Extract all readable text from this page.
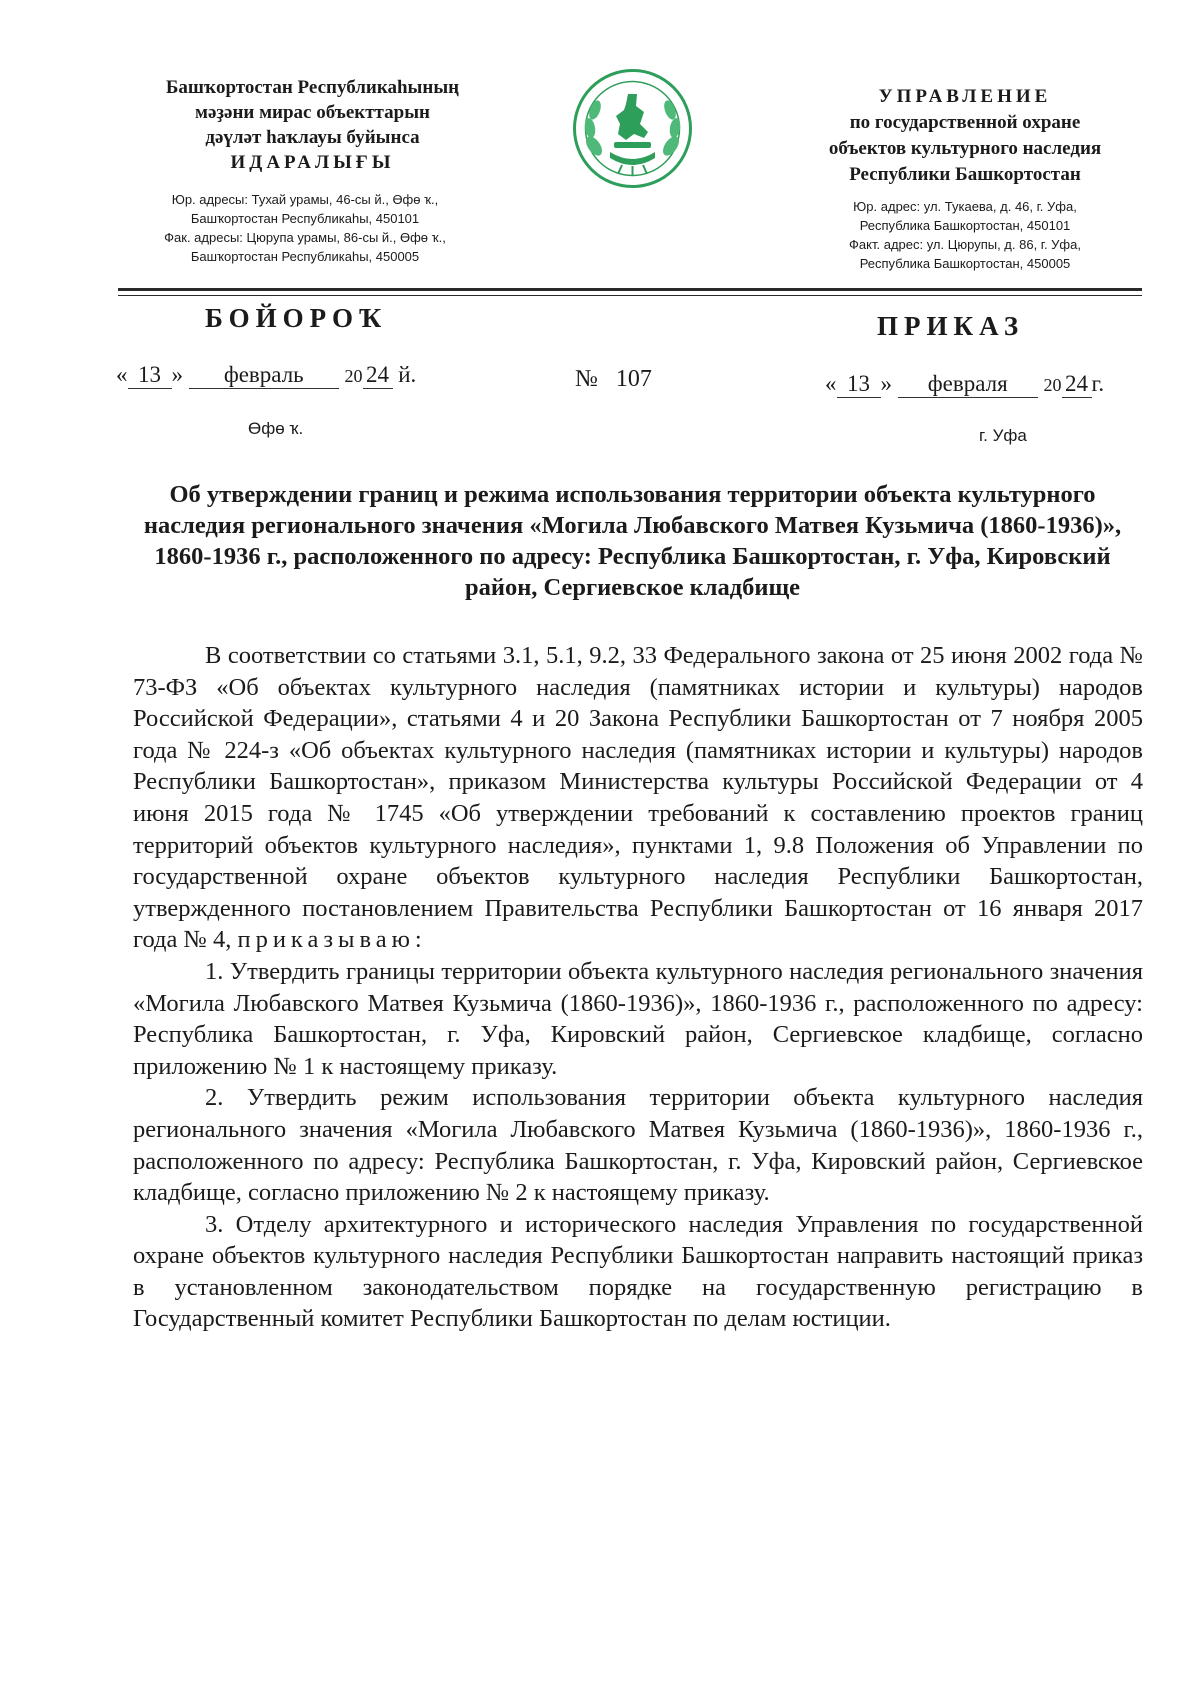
Башҡортостан Республикаһының
мәҙәни мирас объекттарын
дәүләт һаҡлауы буйынса
ИДАРАЛЫҒЫ
Юр. адресы: Тухай урамы, 46-сы й., Өфө ҡ.,
Башҡортостан Республикаһы, 450101
Фак. адресы: Цюрупа урамы, 86-сы й., Өфө ҡ.,
Башҡортостан Республикаһы, 450005
УПРАВЛЕНИЕ
по государственной охране
объектов культурного наследия
Республики Башкортостан
Юр. адрес: ул. Тукаева, д. 46, г. Уфа,
Республика Башкортостан, 450101
Факт. адрес: ул. Цюрупы, д. 86, г. Уфа,
Республика Башкортостан, 450005
БОЙОРОҠ	ПРИКАЗ
« 13 » февраль 20 24 й.	№ 107	« 13 » февраля 20 24 г.
Өфө ҡ.	г. Уфа
Об утверждении границ и режима использования территории объекта культурного наследия регионального значения «Могила Любавского Матвея Кузьмича (1860-1936)», 1860-1936 г., расположенного по адресу: Республика Башкортостан, г. Уфа, Кировский район, Сергиевское кладбище

В соответствии со статьями 3.1, 5.1, 9.2, 33 Федерального закона от 25 июня 2002 года № 73-ФЗ «Об объектах культурного наследия (памятниках истории и культуры) народов Российской Федерации», статьями 4 и 20 Закона Республики Башкортостан от 7 ноября 2005 года № 224-з «Об объектах культурного наследия (памятниках истории и культуры) народов Республики Башкортостан», приказом Министерства культуры Российской Федерации от 4 июня 2015 года № 1745 «Об утверждении требований к составлению проектов границ территорий объектов культурного наследия», пунктами 1, 9.8 Положения об Управлении по государственной охране объектов культурного наследия Республики Башкортостан, утвержденного постановлением Правительства Республики Башкортостан от 16 января 2017 года № 4, приказываю:

1. Утвердить границы территории объекта культурного наследия регионального значения «Могила Любавского Матвея Кузьмича (1860-1936)», 1860-1936 г., расположенного по адресу: Республика Башкортостан, г. Уфа, Кировский район, Сергиевское кладбище, согласно приложению № 1 к настоящему приказу.

2. Утвердить режим использования территории объекта культурного наследия регионального значения «Могила Любавского Матвея Кузьмича (1860-1936)», 1860-1936 г., расположенного по адресу: Республика Башкортостан, г. Уфа, Кировский район, Сергиевское кладбище, согласно приложению № 2 к настоящему приказу.

3. Отделу архитектурного и исторического наследия Управления по государственной охране объектов культурного наследия Республики Башкортостан направить настоящий приказ в установленном законодательством порядке на государственную регистрацию в Государственный комитет Республики Башкортостан по делам юстиции.
